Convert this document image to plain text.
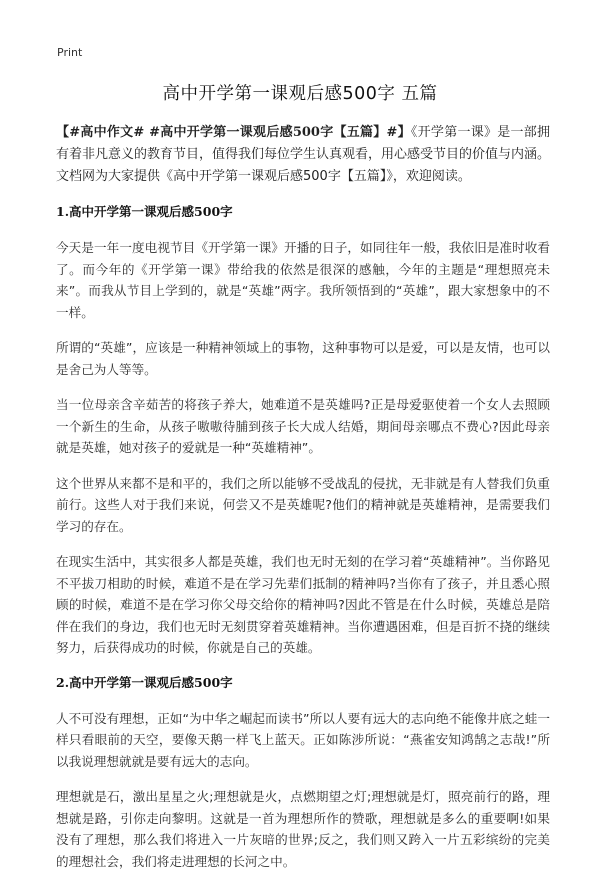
Print
高中开学第一课观后感500字 五篇

【#高中作文# #高中开学第一课观后感500字【五篇】#】《开学第一课》是一部拥有着非凡意义的教育节目，值得我们每位学生认真观看，用心感受节目的价值与内涵。文档网为大家提供《高中开学第一课观后感500字【五篇】》，欢迎阅读。

1.高中开学第一课观后感500字

今天是一年一度电视节目《开学第一课》开播的日子，如同往年一般，我依旧是准时收看了。而今年的《开学第一课》带给我的依然是很深的感触，今年的主题是“理想照亮未来”。而我从节目上学到的，就是“英雄”两字。我所领悟到的“英雄”，跟大家想象中的不一样。

所谓的“英雄”，应该是一种精神领域上的事物，这种事物可以是爱，可以是友情，也可以是舍己为人等等。

当一位母亲含辛茹苦的将孩子养大，她难道不是英雄吗?正是母爱驱使着一个女人去照顾一个新生的生命，从孩子嗷嗷待脯到孩子长大成人结婚，期间母亲哪点不费心?因此母亲就是英雄，她对孩子的爱就是一种“英雄精神”。

这个世界从来都不是和平的，我们之所以能够不受战乱的侵扰，无非就是有人替我们负重前行。这些人对于我们来说，何尝又不是英雄呢?他们的精神就是英雄精神，是需要我们学习的存在。

在现实生活中，其实很多人都是英雄，我们也无时无刻的在学习着“英雄精神”。当你路见不平拔刀相助的时候，难道不是在学习先辈们抵制的精神吗?当你有了孩子，并且悉心照顾的时候，难道不是在学习你父母交给你的精神吗?因此不管是在什么时候，英雄总是陪伴在我们的身边，我们也无时无刻贯穿着英雄精神。当你遭遇困难，但是百折不挠的继续努力，后获得成功的时候，你就是自己的英雄。

2.高中开学第一课观后感500字

人不可没有理想，正如“为中华之崛起而读书”所以人要有远大的志向绝不能像井底之蛙一样只看眼前的天空，要像天鹅一样飞上蓝天。正如陈涉所说：“燕雀安知鸿鹄之志哉!”所以我说理想就就是要有远大的志向。

理想就是石，激出星星之火;理想就是火，点燃期望之灯;理想就是灯，照亮前行的路，理想就是路，引你走向黎明。这就是一首为理想所作的赞歌，理想就是多么的重要啊!如果没有了理想，那么我们将进入一片灰暗的世界;反之，我们则又跨入一片五彩缤纷的完美的理想社会，我们将走进理想的长河之中。
